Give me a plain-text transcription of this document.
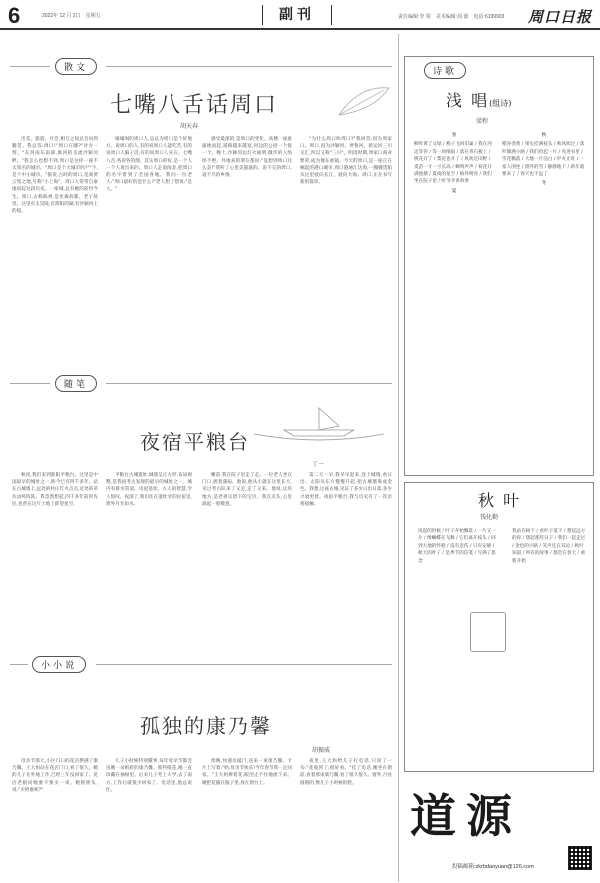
6	2022年 12 月 2日　星期五	副刊	责任编辑:李 领　美术编辑:周 源　电话:6199903 周口日报
散文
七嘴八舌话周口
胡天春

出差、旅游、开会,相互之间总会问到籍贯。我总答:周口!"周口在哪?"对方一愣。"在河南东南部,淮河的支流沙颍河畔。"我怎么也想不到,周口是这样一座不太知名的城市。"周口是个大城市吗?""不,是个中小城市。"据说,古时的周口,是商贾云集之地,号称"小上海"。周口人常常自豪地说起这段历史。一座城,总有她的前世今生。周口,古称陈州,是伏羲故都、老子故里。这里有太昊陵,有淮阳的湖,有沙颍河上的船。

嗓嗓叫的周口人,总以为周口是个好地方。说周口的人,有的说周口人能吃苦,有的说周口人脑子活,有的说周口人实在。七嘴八舌,各说各的理。其实周口的好,是一个人一个人说出来的。周口人走南闯北,把周口的名字带到了全国各地。我问一位老人:"周口最好的是什么?"老人想了想说:"是人。"

感受最深的,是周口的变化。高楼一座座拔地而起,道路越来越宽,河边的公园一个接一个。晚上,沙颍河边灯火通明,散步的人络绎不绝。外地来的朋友都说:"没想到周口这么美!"我听了心里美滋滋的。说不完的周口,道不尽的乡情。

"为什么周口叫周口?"我回答:因为周家口。周口,因为沙颍河、贾鲁河、新运河三川交汇,所以又称"三川"。明清时期,周家口商业繁荣,成为豫东重镇。今天的周口,是一座正在崛起的港口城市,周口港通江达海,一艘艘货船从这里驶向长江、驶向大海。周口,正在书写新的篇章。

随笔
夜宿平粮台
丁一

秋夜,我们来到淮阳平粮台。这里是中国最早的城址之一,距今已有四千多年。站在古城墙上,远处的村庄灯火点点,近处的草丛虫鸣阵阵。我忽然想起,四千多年前的先民,也曾在这片土地上仰望星空。

平粮台古城遗址,城墙呈正方形,布局规整,是我国考古发现的最早的城址之一。城内有排水管道、房屋基址。古人的智慧,令人惊叹。夜深了,我们住在遗址旁的民宿里,窗外月光如水。

睡前,我在院子里走了走。一位老人坐在门口,摇着蒲扇。他说,他从小就在这里长大,见过考古队来了又走,走了又来。他说,这块地方,是老祖宗留下的宝贝。我点点头,心里涌起一股敬意。

第二天一早,我早早起来,登上城墙,看日出。太阳从东方慢慢升起,把古城墙染成金色。我想,这座古城,见证了多少日出日落,多少兴衰更替。夜宿平粮台,我与历史有了一次亲密接触。

小小说
孤独的康乃馨
胡振威

母亲节那天,小区门口的花店摆满了康乃馨。王大妈站在花店门口,看了很久。她的儿子在外地工作,已经三年没回家了。花店老板问她要不要买一束。她摇摇头,说:"买给谁呢?"

儿子小时候特别懂事,每年母亲节都会送她一朵纸折的康乃馨。那些纸花,她一直珍藏在抽屉里。后来儿子考上大学,去了南方,工作后就很少回家了。电话里,他总说忙。

傍晚,快递员敲门,送来一束康乃馨。卡片上写着:"妈,母亲节快乐!今年春节我一定回家。"王大妈捧着花,眼泪止不住地流下来。她把花插在瓶子里,放在窗台上。

夜里,王大妈给儿子打电话,只说了一句:"花收到了,很好看。"挂了电话,她坐在窗前,看着那束康乃馨,看了很久很久。窗外,月亮圆圆的,像儿子小时候的脸。

诗歌
浅 唱(组诗)
梁程
春
柳叶黄了又绿 / 燕子飞回旧巢 / 我在河边等你 / 等一场细雨 / 落在青石板上 / 桃花开了 / 梨花也开了 / 风吹过田野 / 麦苗一寸一寸长高 / 蝉鸣声声 / 荷花开满池塘 / 夏夜的星空 / 格外明亮 / 我们坐在院子里 / 听爷爷讲故事
夏
秋
稻谷金黄 / 果实挂满枝头 / 秋风吹过 / 落叶铺满小路 / 我们捡起一片 / 夹进书里 / 雪花飘落 / 大地一片洁白 / 炉火正旺 / 一家人围坐 / 窗外的雪 / 静静地下 / 新年就要来了 / 春天也不远了
冬
秋 叶
钱化勤
风起的时候 / 叶子开始飘落 / 一片又一片 / 像蝴蝶在飞舞 / 它们离开枝头 / 回到大地的怀抱 / 没有悲伤 / 只有安静 / 秋天的叶子 / 是季节的信笺 / 写满了思念
我站在树下 / 看叶子落下 / 想起远方的你 / 想起那些日子 / 我们一起走过 / 金色的小路 / 笑声还在耳边 / 秋叶知道 / 所有的故事 / 都会在春天 / 重新开始
道源
投稿邮箱:zkrbdaoyuan@126.com
